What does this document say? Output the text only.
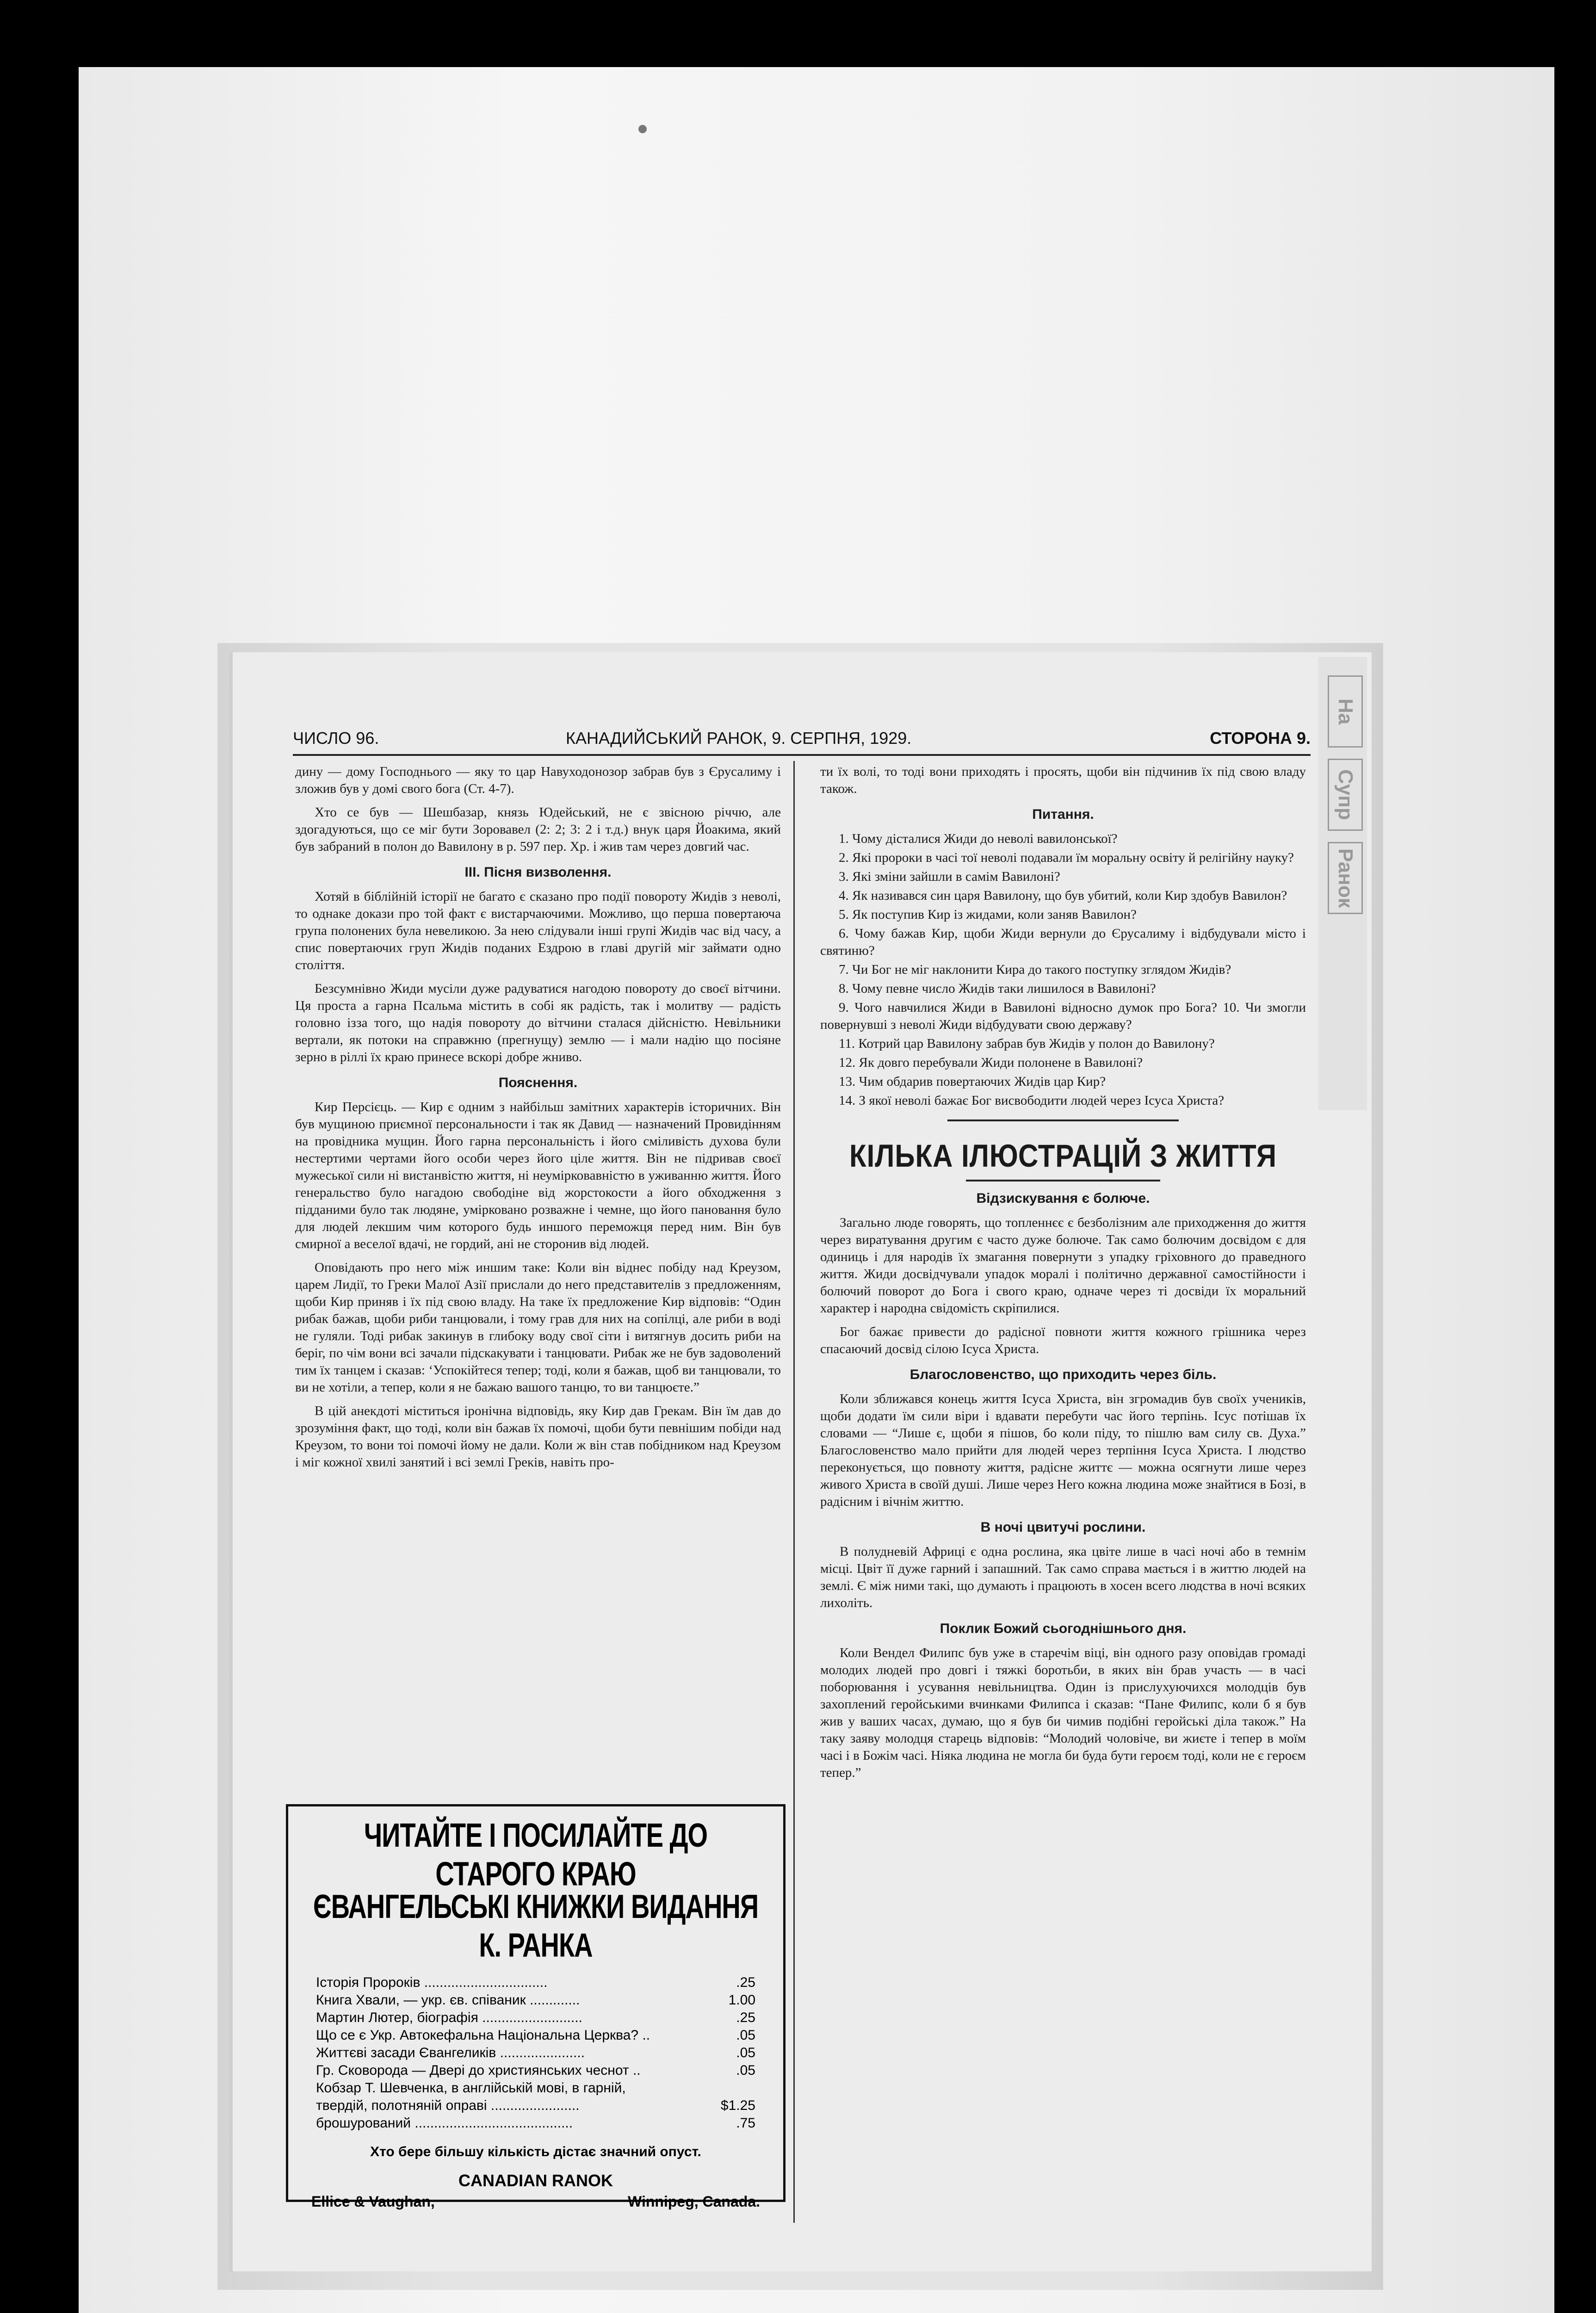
ЧИСЛО 96.	КАНАДИЙСЬКИЙ РАНОК, 9. СЕРПНЯ, 1929.	СТОРОНА 9.

дину — дому Господнього — яку то цар Навуходонозор забрав був з Єрусалиму і зложив був у домі свого бога (Ст. 4-7).

Хто се був — Шешбазар, князь Юдейський, не є звісною річчю, але здогадуються, що се міг бути Зоровавел (2: 2; 3: 2 і т.д.) внук царя Йоакима, який був забраний в полон до Вавилону в р. 597 пер. Хр. і жив там через довгий час.

III. Пісня визволення.

Хотяй в біблійній історії не багато є сказано про події повороту Жидів з неволі, то однаке докази про той факт є вистарчаючими. Можливо, що перша повертаюча група полонених була невеликою. За нею слідували інші групі Жидів час від часу, а спис повертаючих груп Жидів поданих Ездрою в главі другій міг займати одно століття.

Безсумнівно Жиди мусіли дуже радуватися нагодою повороту до своєї вітчини. Ця проста а гарна Псальма містить в собі як радість, так і молитву — радість головно ізза того, що надія повороту до вітчини сталася дійсністю. Невільники вертали, як потоки на справжню (прегнущу) землю — і мали надію що посіяне зерно в ріллі їх краю принесе вскорі добре жниво.

Пояснення.

Кир Персієць. — Кир є одним з найбільш замітних характерів історичних. Він був мущиною приємної персональности і так як Давид — назначений Провидінням на провідника мущин. Його гарна персональність і його сміливість духова були нестертими чертами його особи через його ціле життя. Він не підривав своєї мужеської сили ні вистанвістю життя, ні неумірковавністю в уживанню життя. Його генеральство було нагадою свободіне від жорстокости а його обходження з підданими було так людяне, умірковано розважне і чемне, що його пановання було для людей лекшим чим которого будь иншого переможця перед ним. Він був смирної а веселої вдачі, не гордий, ані не сторонив від людей.

Оповідають про него між иншим таке: Коли він віднес побіду над Креузом, царем Лидії, то Греки Малої Азії прислали до него представителів з предложенням, щоби Кир приняв і їх під свою владу. На таке їх предложение Кир відповів: “Один рибак бажав, щоби риби танцювали, і тому грав для них на сопілці, але риби в воді не гуляли. Тоді рибак закинув в глибоку воду свої сіти і витягнув досить риби на беріг, по чім вони всі зачали підскакувати і танцювати. Рибак же не був задоволений тим їх танцем і сказав: ‘Успокійтеся тепер; тоді, коли я бажав, щоб ви танцювали, то ви не хотіли, а тепер, коли я не бажаю вашого танцю, то ви танцюєте.”

В цій анекдоті міститься іронічна відповідь, яку Кир дав Грекам. Він їм дав до зрозуміння факт, що тоді, коли він бажав їх помочі, щоби бути певнішим побіди над Креузом, то вони тоі помочі йому не дали. Коли ж він став побідником над Креузом і міг кожної хвилі занятий і всі землі Греків, навіть про-

ти їх волі, то тоді вони приходять і просять, щоби він підчинив їх під свою владу також.

Питання.
1. Чому дісталися Жиди до неволі вавилонської?
2. Які пророки в часі тої неволі подавали їм моральну освіту й релігійну науку?
3. Які зміни зайшли в самім Вавилоні?
4. Як називався син царя Вавилону, що був убитий, коли Кир здобув Вавилон?
5. Як поступив Кир із жидами, коли заняв Вавилон?
6. Чому бажав Кир, щоби Жиди вернули до Єрусалиму і відбудували місто і святиню?
7. Чи Бог не міг наклонити Кира до такого поступку зглядом Жидів?
8. Чому певне число Жидів таки лишилося в Вавилоні?
9. Чого навчилися Жиди в Вавилоні відносно думок про Бога? 10. Чи змогли повернувші з неволі Жиди відбудувати свою державу?
11. Котрий цар Вавилону забрав був Жидів у полон до Вавилону?
12. Як довго перебували Жиди полонене в Вавилоні?
13. Чим обдарив повертаючих Жидів цар Кир?
14. З якої неволі бажає Бог висвободити людей через Ісуса Христа?
КІЛЬКА ІЛЮСТРАЦІЙ З ЖИТТЯ
Відзискування є болюче.

Загально люде говорять, що топленнєє є безболізним але приходження до життя через виратування другим є часто дуже болюче. Так само болючим досвідом є для одиниць і для народів їх змагання повернути з упадку гріховного до праведного життя. Жиди досвідчували упадок моралі і політично державної самостійности і болючий поворот до Бога і свого краю, одначе через ті досвіди їх моральний характер і народна свідомість скріпилися.

Бог бажає привести до радісної повноти життя кожного грішника через спасаючий досвід сілою Ісуса Христа.

Благословенство, що приходить через біль.

Коли зближався конець життя Ісуса Христа, він згромадив був своїх учеників, щоби додати їм сили віри і вдавати перебути час його терпінь. Ісус потішав їх словами — “Лише є, щоби я пішов, бо коли піду, то пішлю вам силу св. Духа.” Благословенство мало прийти для людей через терпіння Ісуса Христа. І людство переконується, що повноту життя, радісне життє — можна осягнути лише через живого Христа в своїй душі. Лише через Него кожна людина може знайтися в Бозі, в радісним і вічнім життю.

В ночі цвитучі рослини.

В полудневій Африці є одна рослина, яка цвіте лише в часі ночі або в темнім місці. Цвіт її дуже гарний і запашний. Так само справа мається і в життю людей на землі. Є між ними такі, що думають і працюють в хосен всего людства в ночі всяких лихоліть.

Поклик Божий сьогоднішнього дня.

Коли Вендел Филипс був уже в старечім віці, він одного разу оповідав громаді молодих людей про довгі і тяжкі боротьби, в яких він брав участь — в часі поборювання і усування невільництва. Один із прислухуючихся молодців був захоплений геройськими вчинками Филипса і сказав: “Пане Филипс, коли б я був жив у ваших часах, думаю, що я був би чимив подібні геройські діла також.” На таку заяву молодця старець відповів: “Молодий чоловіче, ви жиєте і тепер в моїм часі і в Божім часі. Ніяка людина не могла би буда бути героєм тоді, коли не є героєм тепер.”

ЧИТАЙТЕ І ПОСИЛАЙТЕ ДО СТАРОГО КРАЮ
ЄВАНГЕЛЬСЬКІ КНИЖКИ ВИДАННЯ К. РАНКА
Історія Пророків ................................	.25
Книга Хвали, — укр. єв. співаник .............	1.00
Мартин Лютер, біографія ..........................	.25
Що се є Укр. Автокефальна Національна Церква? ..	.05
Життєві засади Євангеликів ......................	.05
Гр. Сковорода — Двері до християнських чеснот ..	.05
Кобзар Т. Шевченка, в англійській мові, в гарній,
твердій, полотняній оправі .......................	$1.25
брошурований .........................................	.75
Хто бере більшу кількість дістає значний опуст.
CANADIAN RANOK
Ellice & Vaughan,	Winnipeg, Canada.
На
Супр
Ранок
